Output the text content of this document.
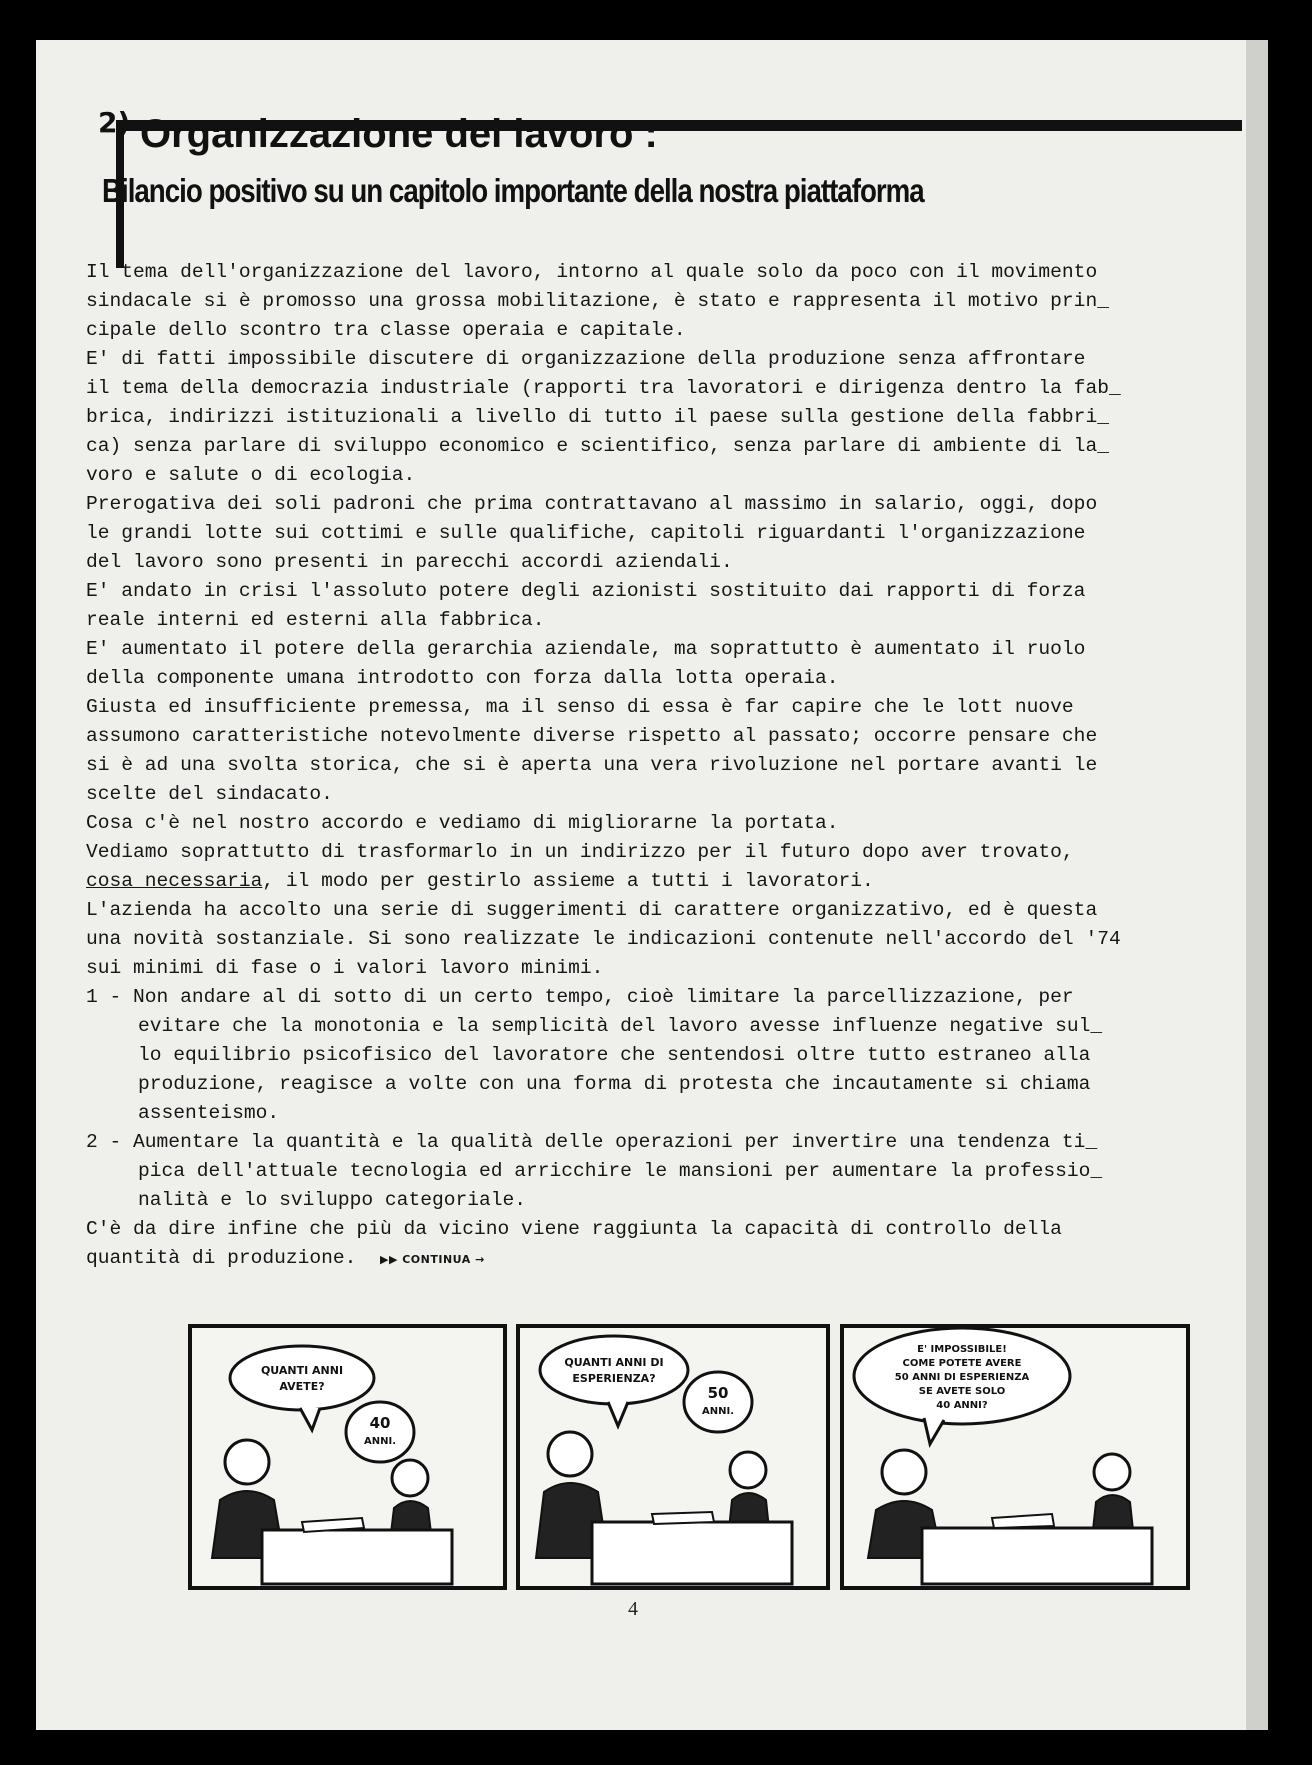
2) Organizzazione del lavoro :
Bilancio positivo su un capitolo importante della nostra piattaforma

Il tema dell'organizzazione del lavoro, intorno al quale solo da poco con il movimento

sindacale si è promosso una grossa mobilitazione, è stato e rappresenta il motivo prin_

cipale dello scontro tra classe operaia e capitale.

E' di fatti impossibile discutere di organizzazione della produzione senza affrontare

il tema della democrazia industriale (rapporti tra lavoratori e dirigenza dentro la fab_

brica, indirizzi istituzionali a livello di tutto il paese sulla gestione della fabbri_

ca) senza parlare di sviluppo economico e scientifico, senza parlare di ambiente di la_

voro e salute o di ecologia.

Prerogativa dei soli padroni che prima contrattavano al massimo in salario, oggi, dopo

le grandi lotte sui cottimi e sulle qualifiche, capitoli riguardanti l'organizzazione

del lavoro sono presenti in parecchi accordi aziendali.

E' andato in crisi l'assoluto potere degli azionisti sostituito dai rapporti di forza

reale interni ed esterni alla fabbrica.

E' aumentato il potere della gerarchia aziendale, ma soprattutto è aumentato il ruolo

della componente umana introdotto con forza dalla lotta operaia.

Giusta ed insufficiente premessa, ma il senso di essa è far capire che le lott nuove

assumono caratteristiche notevolmente diverse rispetto al passato; occorre pensare che

si è ad una svolta storica, che si è aperta una vera rivoluzione nel portare avanti le

scelte del sindacato.

Cosa c'è nel nostro accordo e vediamo di migliorarne la portata.

Vediamo soprattutto di trasformarlo in un indirizzo per il futuro dopo aver trovato,

cosa necessaria, il modo per gestirlo assieme a tutti i lavoratori.

L'azienda ha accolto una serie di suggerimenti di carattere organizzativo, ed è questa

una novità sostanziale. Si sono realizzate le indicazioni contenute nell'accordo del '74

sui minimi di fase o i valori lavoro minimi.

1 - Non andare al di sotto di un certo tempo, cioè limitare la parcellizzazione, per

evitare che la monotonia e la semplicità del lavoro avesse influenze negative sul_

lo equilibrio psicofisico del lavoratore che sentendosi oltre tutto estraneo alla

produzione, reagisce a volte con una forma di protesta che incautamente si chiama

assenteismo.

2 - Aumentare la quantità e la qualità delle operazioni per invertire una tendenza ti_

pica dell'attuale tecnologia ed arricchire le mansioni per aumentare la professio_

nalità e lo sviluppo categoriale.

C'è da dire infine che più da vicino viene raggiunta la capacità di controllo della

quantità di produzione. ▶▶ CONTINUA →

QUANTI ANNI
AVETE?
40
ANNI.
QUANTI ANNI DI
ESPERIENZA?
50
ANNI.
E' IMPOSSIBILE!
COME POTETE AVERE
50 ANNI DI ESPERIENZA
SE AVETE SOLO
40 ANNI?
4
